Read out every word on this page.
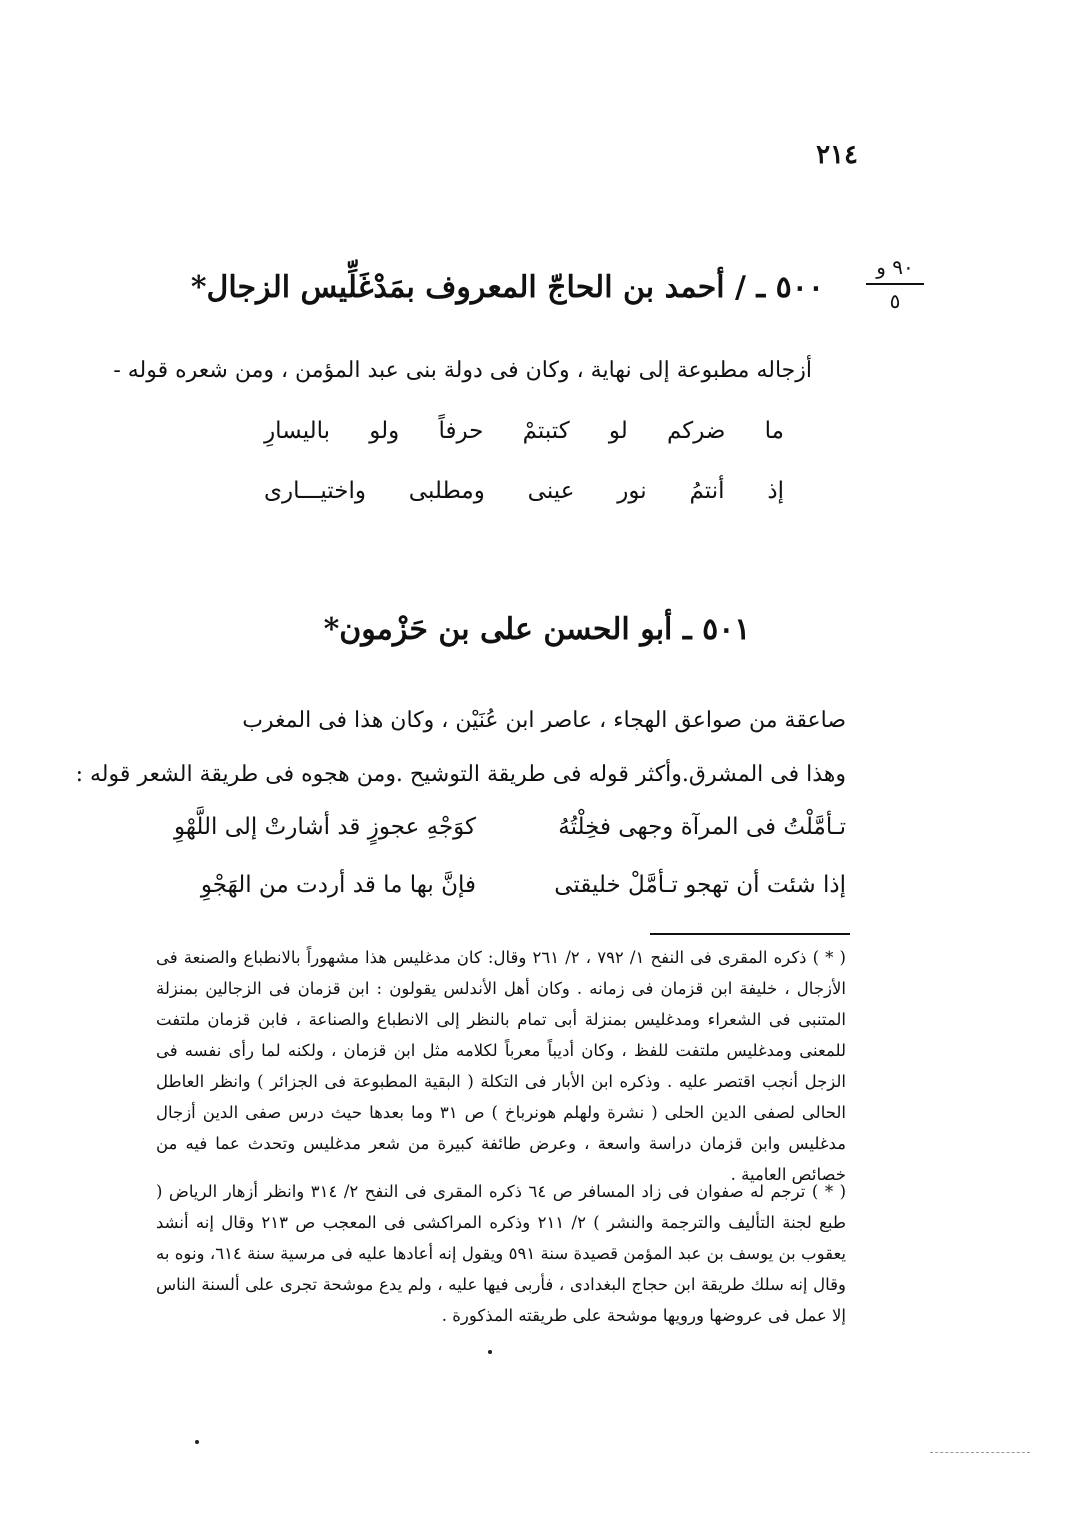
٢١٤
٩٠ و
٥
٥٠٠ ـ / أحمد بن الحاجّ المعروف بمَدْغَلِّيس الزجال*
أزجاله مطبوعة إلى نهاية ، وكان فى دولة بنى عبد المؤمن ، ومن شعره قوله -
ما
ضركم
لو
كتبتمْ
حرفاً
ولو
باليسارِ
إذ
أنتمُ
نور
عينى
ومطلبى
واختيـــارى
٥٠١ ـ أبو الحسن على بن حَزْمون*
صاعقة من صواعق الهجاء ، عاصر ابن عُنَيْن ، وكان هذا فى المغرب
وهذا فى المشرق.وأكثر قوله فى طريقة التوشيح .ومن هجوه فى طريقة الشعر قوله :
تـأمَّلْتُ فى المرآة وجهى فخِلْتُهُ
كوَجْهِ عجوزٍ قد أشارتْ إلى اللَّهْوِ
إذا شئت أن تهجو تـأمَّلْ خليقتى
فإنَّ بها ما قد أردت من الهَجْوِ
( * ) ذكره المقرى فى النفح ١/ ٧٩٢ ، ٢/ ٢٦١ وقال: كان مدغليس هذا مشهوراً بالانطباع والصنعة فى الأزجال ، خليفة ابن قزمان فى زمانه . وكان أهل الأندلس يقولون : ابن قزمان فى الزجالين بمنزلة المتنبى فى الشعراء ومدغليس بمنزلة أبى تمام بالنظر إلى الانطباع والصناعة ، فابن قزمان ملتفت للمعنى ومدغليس ملتفت للفظ ، وكان أديباً معرباً لكلامه مثل ابن قزمان ، ولكنه لما رأى نفسه فى الزجل أنجب اقتصر عليه . وذكره ابن الأبار فى التكلة ( البقية المطبوعة فى الجزائر ) وانظر العاطل الحالى لصفى الدين الحلى ( نشرة ولهلم هونرباخ ) ص ٣١ وما بعدها حيث درس صفى الدين أزجال مدغليس وابن قزمان دراسة واسعة ، وعرض طائفة كبيرة من شعر مدغليس وتحدث عما فيه من خصائص العامية .
( * ) ترجم له صفوان فى زاد المسافر ص ٦٤ ذكره المقرى فى النفح ٢/ ٣١٤ وانظر أزهار الرياض ( طبع لجنة التأليف والترجمة والنشر ) ٢/ ٢١١ وذكره المراكشى فى المعجب ص ٢١٣ وقال إنه أنشد يعقوب بن يوسف بن عبد المؤمن قصيدة سنة ٥٩١ ويقول إنه أعادها عليه فى مرسية سنة ٦١٤، ونوه به وقال إنه سلك طريقة ابن حجاج البغدادى ، فأربى فيها عليه ، ولم يدع موشحة تجرى على ألسنة الناس إلا عمل فى عروضها ورويها موشحة على طريقته المذكورة .
